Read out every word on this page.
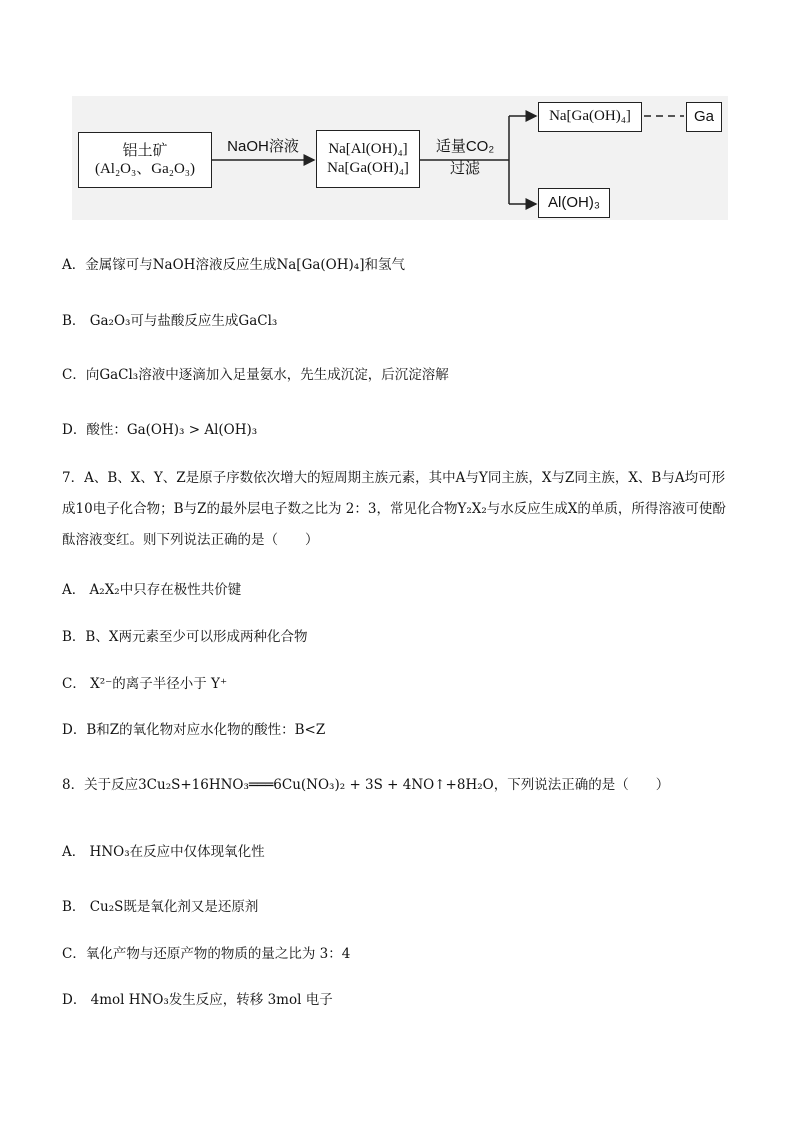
铝土矿
(Al₂O₃、Ga₂O₃)
NaOH溶液	Na[Al(OH)₄]
Na[Ga(OH)₄]
适量CO₂
过滤
Na[Ga(OH)₄]	Ga
Al(OH)₃
A．金属镓可与NaOH溶液反应生成Na[Ga(OH)₄]和氢气
B． Ga₂O₃可与盐酸反应生成GaCl₃
C．向GaCl₃溶液中逐滴加入足量氨水，先生成沉淀，后沉淀溶解
D．酸性：Ga(OH)₃ > Al(OH)₃
7．A、B、X、Y、Z是原子序数依次增大的短周期主族元素，其中A与Y同主族，X与Z同主族，X、B与A均可形成10电子化合物；B与Z的最外层电子数之比为 2：3，常见化合物Y₂X₂与水反应生成X的单质，所得溶液可使酚酞溶液变红。则下列说法正确的是（　　）
A． A₂X₂中只存在极性共价键
B．B、X两元素至少可以形成两种化合物
C． X²⁻的离子半径小于 Y⁺
D．B和Z的氧化物对应水化物的酸性：B<Z
8．关于反应3Cu₂S+16HNO₃═══6Cu(NO₃)₂ + 3S + 4NO↑+8H₂O，下列说法正确的是（　　）
A． HNO₃在反应中仅体现氧化性
B． Cu₂S既是氧化剂又是还原剂
C．氧化产物与还原产物的物质的量之比为 3：4
D． 4mol HNO₃发生反应，转移 3mol 电子
